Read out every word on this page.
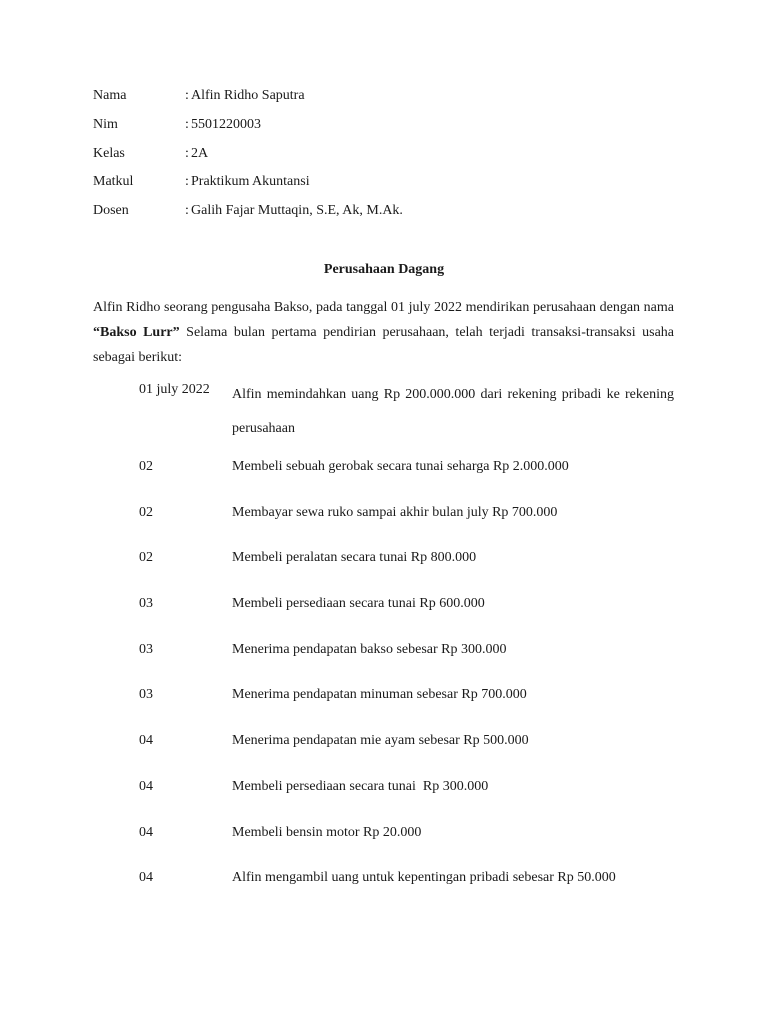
Nama	: Alfin Ridho Saputra
Nim	: 5501220003
Kelas	: 2A
Matkul	: Praktikum Akuntansi
Dosen	: Galih Fajar Muttaqin, S.E, Ak, M.Ak.
Perusahaan Dagang

Alfin Ridho seorang pengusaha Bakso, pada tanggal 01 july 2022 mendirikan perusahaan dengan nama “Bakso Lurr” Selama bulan pertama pendirian perusahaan, telah terjadi transaksi-transaksi usaha sebagai berikut:

01 july 2022	Alfin memindahkan uang Rp 200.000.000 dari rekening pribadi ke rekening perusahaan
02	Membeli sebuah gerobak secara tunai seharga Rp 2.000.000
02	Membayar sewa ruko sampai akhir bulan july Rp 700.000
02	Membeli peralatan secara tunai Rp 800.000
03	Membeli persediaan secara tunai Rp 600.000
03	Menerima pendapatan bakso sebesar Rp 300.000
03	Menerima pendapatan minuman sebesar Rp 700.000
04	Menerima pendapatan mie ayam sebesar Rp 500.000
04	Membeli persediaan secara tunai  Rp 300.000
04	Membeli bensin motor Rp 20.000
04	Alfin mengambil uang untuk kepentingan pribadi sebesar Rp 50.000
